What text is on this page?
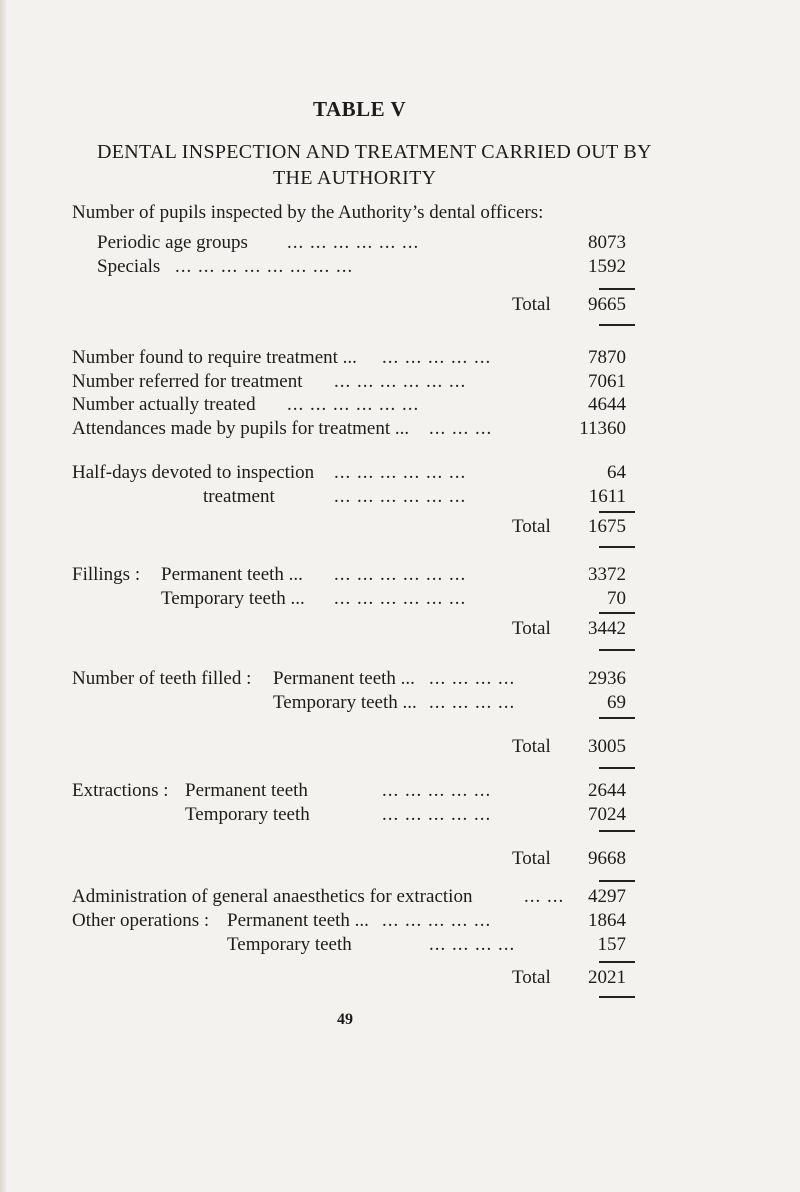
TABLE V
DENTAL INSPECTION AND TREATMENT CARRIED OUT BY
THE AUTHORITY
Number of pupils inspected by the Authority’s dental officers:
Periodic age groups ... ... ... ... ... ...	8073
Specials ... ... ... ... ... ... ... ...	1592
Total	9665
Number found to require treatment ... ... ... ... ... ...	7870
Number referred for treatment ... ... ... ... ... ...	7061
Number actually treated ... ... ... ... ... ...	4644
Attendances made by pupils for treatment ... ... ... ...	11360
Half-days devoted to inspection ... ... ... ... ... ...	64
treatment	... ... ... ... ... ...	1611
Total	1675
Fillings : Permanent teeth ... ... ... ... ... ... ...	3372
Temporary teeth ... ... ... ... ... ... ...	70
Total	3442
Number of teeth filled : Permanent teeth ... ... ... ... ...	2936
Temporary teeth ... ... ... ... ...	69
Total	3005
Extractions : Permanent teeth	... ... ... ... ...	2644
Temporary teeth	... ... ... ... ...	7024
Total	9668
Administration of general anaesthetics for extraction	... ...	4297
Other operations : Permanent teeth ... ... ... ... ... ...	1864
Temporary teeth	... ... ... ...	157
Total	2021
49
